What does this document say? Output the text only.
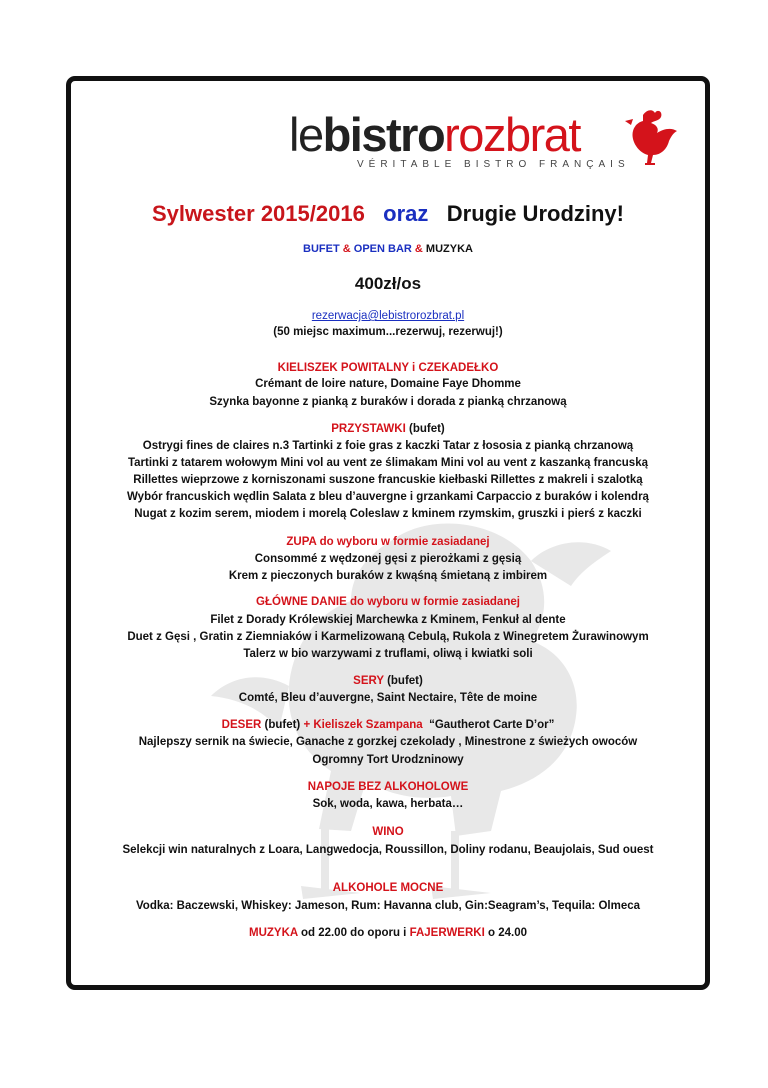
lebistrorozbrat
VÉRITABLE BISTRO FRANÇAIS
Sylwester 2015/2016 oraz Drugie Urodziny!
BUFET & OPEN BAR & MUZYKA
400zł/os
rezerwacja@lebistrorozbrat.pl
(50 miejsc maximum...rezerwuj, rezerwuj!)
KIELISZEK POWITALNY i CZEKADEŁKO
Crémant de loire nature, Domaine Faye Dhomme
Szynka bayonne z pianką z buraków i dorada z pianką chrzanową
PRZYSTAWKI (bufet)
Ostrygi fines de claires n.3 Tartinki z foie gras z kaczki Tatar z łososia z pianką chrzanową
Tartinki z tatarem wołowym Mini vol au vent ze ślimakam Mini vol au vent z kaszanką francuską
Rillettes wieprzowe z korniszonami suszone francuskie kiełbaski Rillettes z makreli i szalotką
Wybór francuskich wędlin Salata z bleu d’auvergne i grzankami Carpaccio z buraków i kolendrą
Nugat z kozim serem, miodem i morelą Coleslaw z kminem rzymskim, gruszki i pierś z kaczki
ZUPA do wyboru w formie zasiadanej
Consommé z wędzonej gęsi z pierożkami z gęsią
Krem z pieczonych buraków z kwąśną śmietaną z imbirem
GŁÓWNE DANIE do wyboru w formie zasiadanej
Filet z Dorady Królewskiej Marchewka z Kminem, Fenkuł al dente
Duet z Gęsi , Gratin z Ziemniaków i Karmelizowaną Cebulą, Rukola z Winegretem Żurawinowym
Talerz w bio warzywami z truflami, oliwą i kwiatki soli
SERY (bufet)
Comté, Bleu d’auvergne, Saint Nectaire, Tête de moine
DESER (bufet) + Kieliszek Szampana “Gautherot Carte D’or”
Najlepszy sernik na świecie, Ganache z gorzkej czekolady , Minestrone z świeżych owoców
Ogromny Tort Urodzninowy
NAPOJE BEZ ALKOHOLOWE
Sok, woda, kawa, herbata…
WINO
Selekcji win naturalnych z Loara, Langwedocja, Roussillon, Doliny rodanu, Beaujolais, Sud ouest
ALKOHOLE MOCNE
Vodka: Baczewski, Whiskey: Jameson, Rum: Havanna club, Gin:Seagram’s, Tequila: Olmeca
MUZYKA od 22.00 do oporu i FAJERWERKI o 24.00
